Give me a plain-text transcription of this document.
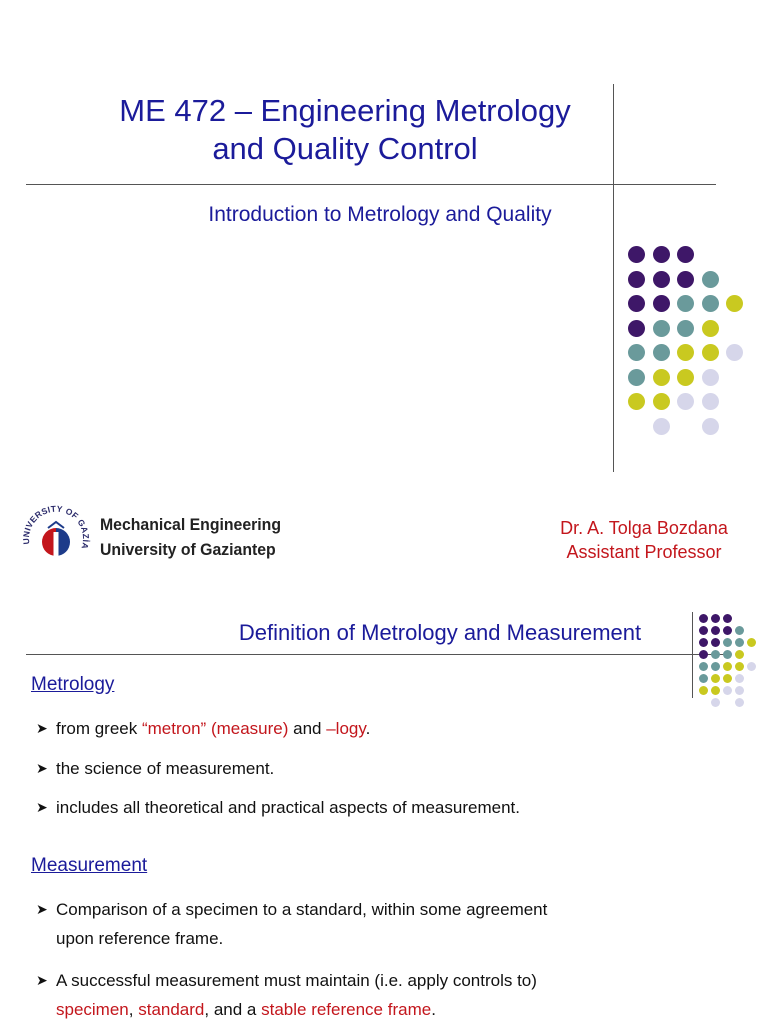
ME 472 – Engineering Metrology
and Quality Control
Introduction to Metrology and Quality
UNIVERSITY OF GAZİA
Mechanical Engineering
University of Gaziantep
Dr. A. Tolga Bozdana
Assistant Professor
Definition of Metrology and Measurement
Metrology
➤ from greek “metron” (measure) and –logy.
➤ the science of measurement.
➤ includes all theoretical and practical aspects of measurement.
Measurement
➤ Comparison of a specimen to a standard, within some agreement
upon reference frame.
➤ A successful measurement must maintain (i.e. apply controls to)
specimen, standard, and a stable reference frame.
